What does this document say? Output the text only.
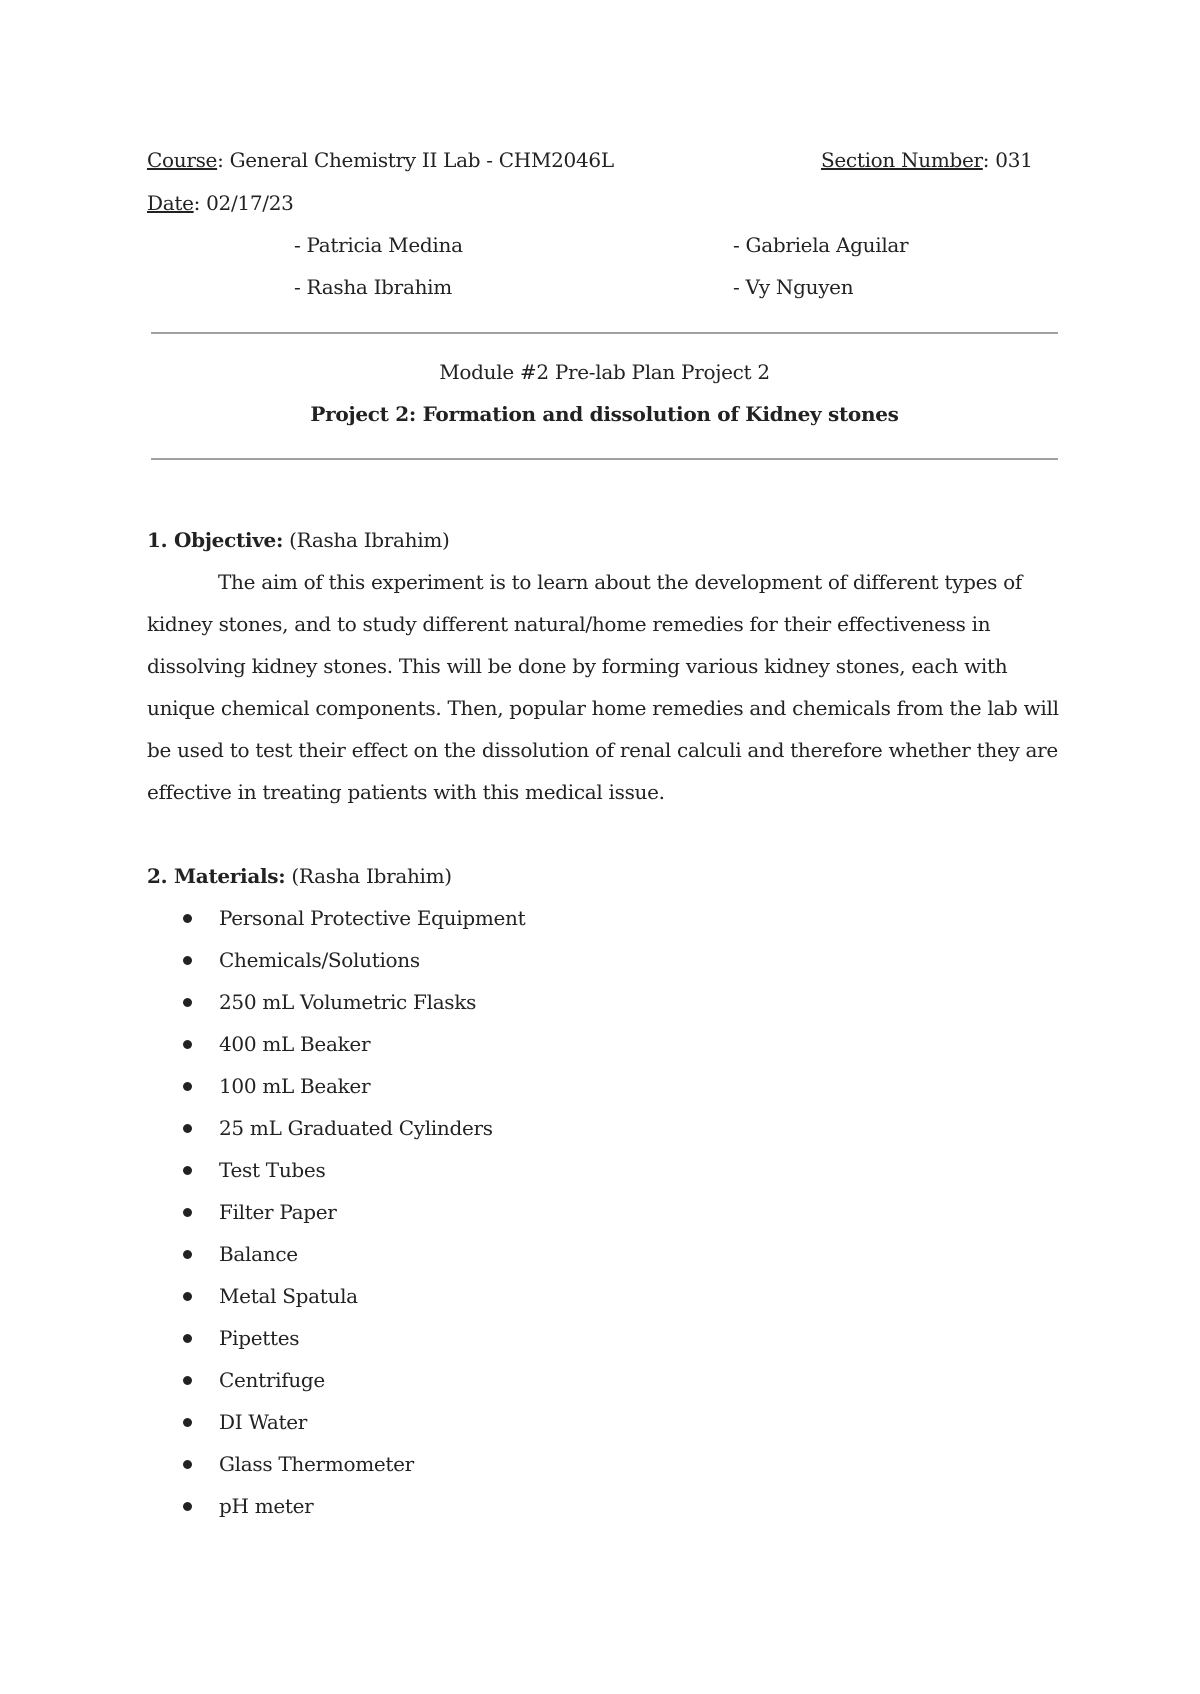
Course: General Chemistry II Lab - CHM2046L	Section Number: 031
Date: 02/17/23
- Patricia Medina	- Gabriela Aguilar
- Rasha Ibrahim	- Vy Nguyen
Module #2 Pre-lab Plan Project 2
Project 2: Formation and dissolution of Kidney stones
1. Objective: (Rasha Ibrahim)
The aim of this experiment is to learn about the development of different types of
kidney stones, and to study different natural/home remedies for their effectiveness in
dissolving kidney stones. This will be done by forming various kidney stones, each with
unique chemical components. Then, popular home remedies and chemicals from the lab will
be used to test their effect on the dissolution of renal calculi and therefore whether they are
effective in treating patients with this medical issue.
2. Materials: (Rasha Ibrahim)
Personal Protective Equipment
Chemicals/Solutions
250 mL Volumetric Flasks
400 mL Beaker
100 mL Beaker
25 mL Graduated Cylinders
Test Tubes
Filter Paper
Balance
Metal Spatula
Pipettes
Centrifuge
DI Water
Glass Thermometer
pH meter
